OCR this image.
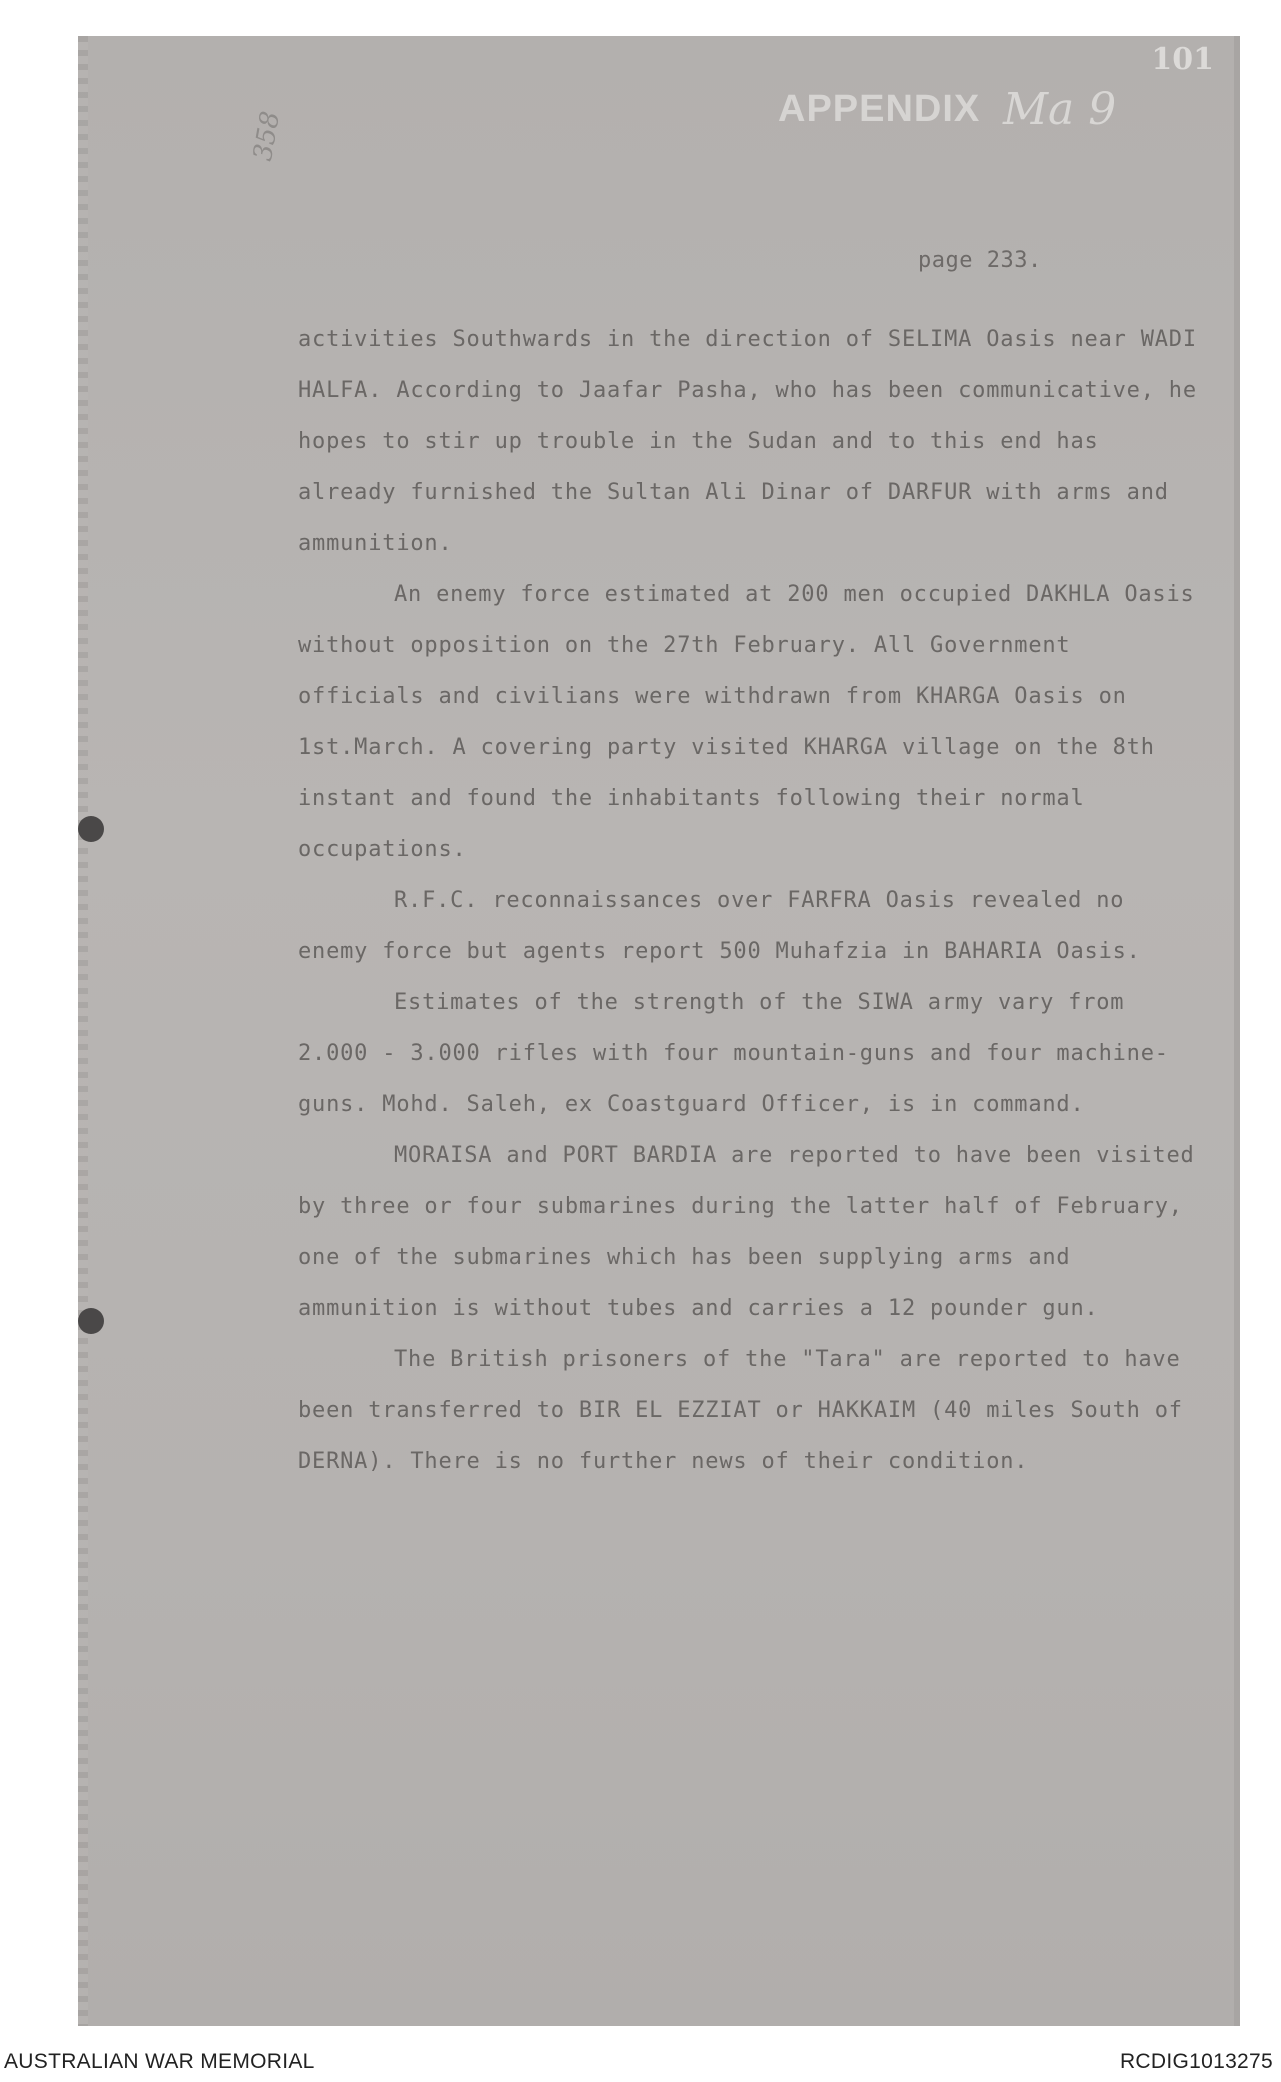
101
APPENDIX Ma 9
358
page 233.

activities Southwards in the direction of SELIMA Oasis near WADI HALFA. According to Jaafar Pasha, who has been communicative, he hopes to stir up trouble in the Sudan and to this end has already furnished the Sultan Ali Dinar of DARFUR with arms and ammunition.

An enemy force estimated at 200 men occupied DAKHLA Oasis without opposition on the 27th February. All Government officials and civilians were withdrawn from KHARGA Oasis on 1st.March. A covering party visited KHARGA village on the 8th instant and found the inhabitants following their normal occupations.

R.F.C. reconnaissances over FARFRA Oasis revealed no enemy force but agents report 500 Muhafzia in BAHARIA Oasis.

Estimates of the strength of the SIWA army vary from 2.000 - 3.000 rifles with four mountain-guns and four machine-guns. Mohd. Saleh, ex Coastguard Officer, is in command.

MORAISA and PORT BARDIA are reported to have been visited by three or four submarines during the latter half of February, one of the submarines which has been supplying arms and ammunition is without tubes and carries a 12 pounder gun.

The British prisoners of the "Tara" are reported to have been transferred to BIR EL EZZIAT or HAKKAIM (40 miles South of DERNA). There is no further news of their condition.

AUSTRALIAN WAR MEMORIAL	RCDIG1013275
